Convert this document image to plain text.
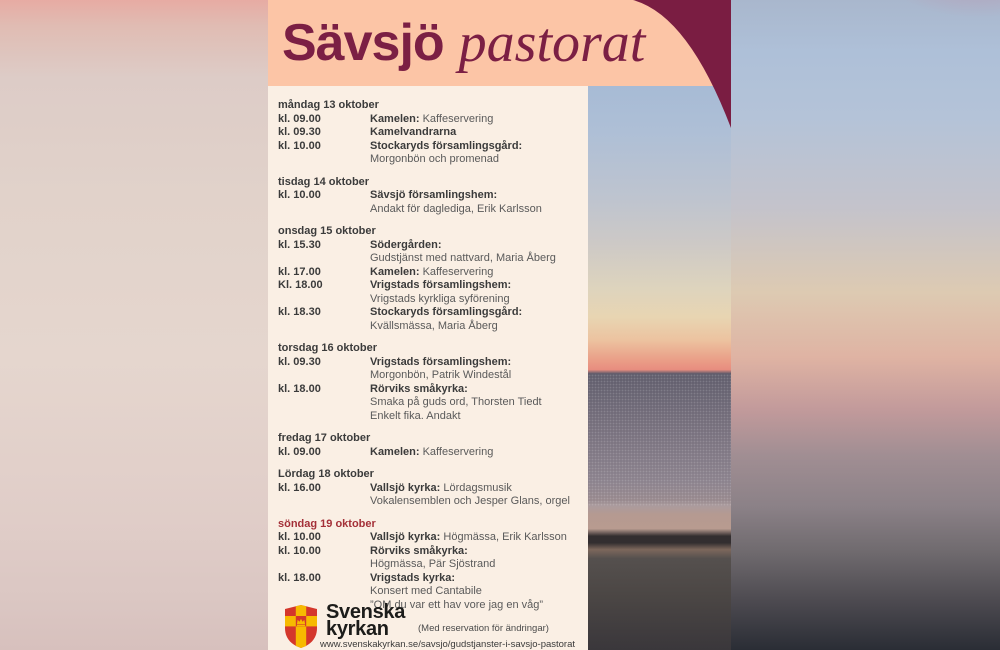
Sävsjö pastorat
måndag 13 oktober
kl. 09.00	Kamelen: Kaffeservering
kl. 09.30	Kamelvandrarna
kl. 10.00	Stockaryds församlingsgård:
Morgonbön och promenad
tisdag 14 oktober
kl. 10.00	Sävsjö församlingshem:
Andakt för daglediga, Erik Karlsson
onsdag 15 oktober
kl. 15.30	Södergården:
Gudstjänst med nattvard, Maria Åberg
kl. 17.00	Kamelen: Kaffeservering
Kl. 18.00	Vrigstads församlingshem:
Vrigstads kyrkliga syförening
kl. 18.30	Stockaryds församlingsgård:
Kvällsmässa, Maria Åberg
torsdag 16 oktober
kl. 09.30	Vrigstads församlingshem:
Morgonbön, Patrik Windestål
kl. 18.00	Rörviks småkyrka:
Smaka på guds ord, Thorsten Tiedt
Enkelt fika. Andakt
fredag 17 oktober
kl. 09.00	Kamelen: Kaffeservering
Lördag 18 oktober
kl. 16.00	Vallsjö kyrka: Lördagsmusik
Vokalensemblen och Jesper Glans, orgel
söndag 19 oktober
kl. 10.00	Vallsjö kyrka: Högmässa, Erik Karlsson
kl. 10.00	Rörviks småkyrka:
Högmässa, Pär Sjöstrand
kl. 18.00	Vrigstads kyrka:
Konsert med Cantabile
”OM du var ett hav vore jag en våg”
Svenska
kyrkan	(Med reservation för ändringar)
www.svenskakyrkan.se/savsjo/gudstjanster-i-savsjo-pastorat
